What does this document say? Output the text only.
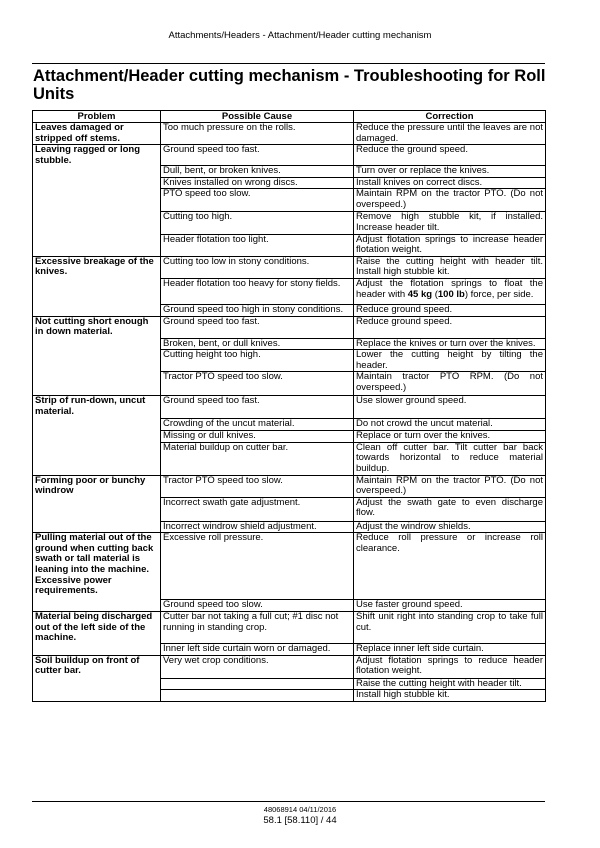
Attachments/Headers - Attachment/Header cutting mechanism
Attachment/Header cutting mechanism - Troubleshooting for Roll Units
Problem	Possible Cause	Correction
Leaves damaged or stripped off stems.	Too much pressure on the rolls.	Reduce the pressure until the leaves are not damaged.
Leaving ragged or long stubble.	Ground speed too fast.	Reduce the ground speed.
	Dull, bent, or broken knives.	Turn over or replace the knives.
	Knives installed on wrong discs.	Install knives on correct discs.
	PTO speed too slow.	Maintain RPM on the tractor PTO. (Do not overspeed.)
	Cutting too high.	Remove high stubble kit, if installed. Increase header tilt.
	Header flotation too light.	Adjust flotation springs to increase header flotation weight.
Excessive breakage of the knives.	Cutting too low in stony conditions.	Raise the cutting height with header tilt. Install high stubble kit.
	Header flotation too heavy for stony fields.	Adjust the flotation springs to float the header with 45 kg (100 lb) force, per side.
	Ground speed too high in stony conditions.	Reduce ground speed.
Not cutting short enough in down material.	Ground speed too fast.	Reduce ground speed.
	Broken, bent, or dull knives.	Replace the knives or turn over the knives.
	Cutting height too high.	Lower the cutting height by tilting the header.
	Tractor PTO speed too slow.	Maintain tractor PTO RPM. (Do not overspeed.)
Strip of run-down, uncut material.	Ground speed too fast.	Use slower ground speed.
	Crowding of the uncut material.	Do not crowd the uncut material.
	Missing or dull knives.	Replace or turn over the knives.
	Material buildup on cutter bar.	Clean off cutter bar. Tilt cutter bar back towards horizontal to reduce material buildup.
Forming poor or bunchy windrow	Tractor PTO speed too slow.	Maintain RPM on the tractor PTO. (Do not overspeed.)
	Incorrect swath gate adjustment.	Adjust the swath gate to even discharge flow.
	Incorrect windrow shield adjustment.	Adjust the windrow shields.
Pulling material out of the ground when cutting back swath or tall material is leaning into the machine. Excessive power requirements.	Excessive roll pressure.	Reduce roll pressure or increase roll clearance.
	Ground speed too slow.	Use faster ground speed.
Material being discharged out of the left side of the machine.	Cutter bar not taking a full cut; #1 disc not running in standing crop.	Shift unit right into standing crop to take full cut.
	Inner left side curtain worn or damaged.	Replace inner left side curtain.
Soil buildup on front of cutter bar.	Very wet crop conditions.	Adjust flotation springs to reduce header flotation weight.
		Raise the cutting height with header tilt.
		Install high stubble kit.
48068914 04/11/2016
58.1 [58.110] / 44
